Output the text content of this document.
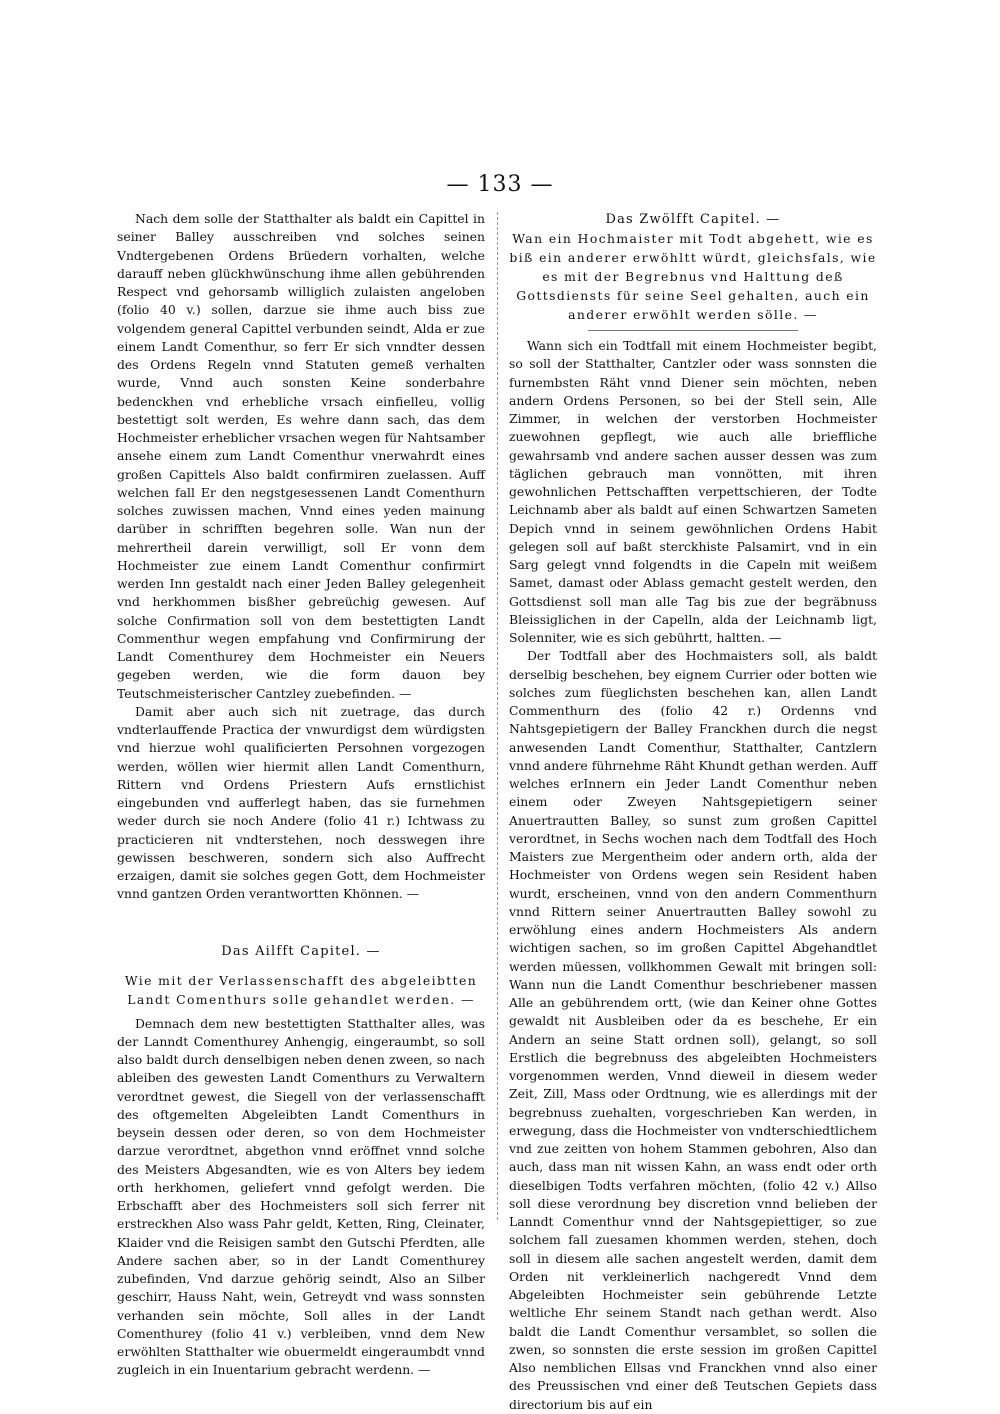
— 133 —

Nach dem solle der Statthalter als baldt ein Capittel in seiner Balley ausschreiben vnd solches seinen Vndtergebenen Ordens Brüedern vorhalten, welche darauff neben glückhwünschung ihme allen gebührenden Respect vnd gehorsamb williglich zulaisten angeloben (folio 40 v.) sollen, darzue sie ihme auch biss zue volgendem general Capittel verbunden seindt, Alda er zue einem Landt Comenthur, so ferr Er sich vnndter dessen des Ordens Regeln vnnd Statuten gemeß verhalten wurde, Vnnd auch sonsten Keine sonderbahre bedenckhen vnd erhebliche vrsach einfielleu, vollig bestettigt solt werden, Es wehre dann sach, das dem Hochmeister erheblicher vrsachen wegen für Nahtsamber ansehe einem zum Landt Comenthur vnerwahrdt eines großen Capittels Also baldt confirmiren zuelassen. Auff welchen fall Er den negstgesessenen Landt Comenthurn solches zuwissen machen, Vnnd eines yeden mainung darüber in schrifften begehren solle. Wan nun der mehrertheil darein verwilligt, soll Er vonn dem Hochmeister zue einem Landt Comenthur confirmirt werden Inn gestaldt nach einer Jeden Balley gelegenheit vnd herkhommen bisßher gebreüchig gewesen. Auf solche Confirmation soll von dem bestettigten Landt Commenthur wegen empfahung vnd Confirmirung der Landt Comenthurey dem Hochmeister ein Neuers gegeben werden, wie die form dauon bey Teutschmeisterischer Cantzley zuebefinden. —

Damit aber auch sich nit zuetrage, das durch vndterlauffende Practica der vnwurdigst dem würdigsten vnd hierzue wohl qualificierten Persohnen vorgezogen werden, wöllen wier hiermit allen Landt Comenthurn, Rittern vnd Ordens Priestern Aufs ernstlichist eingebunden vnd aufferlegt haben, das sie furnehmen weder durch sie noch Andere (folio 41 r.) Ichtwass zu practicieren nit vndterstehen, noch desswegen ihre gewissen beschweren, sondern sich also Auffrecht erzaigen, damit sie solches gegen Gott, dem Hochmeister vnnd gantzen Orden verantwortten Khönnen. —

Das Ailfft Capitel. —
Wie mit der Verlassenschafft des abgeleibtten Landt Comenthurs solle gehandlet werden. —

Demnach dem new bestettigten Statthalter alles, was der Lanndt Comenthurey Anhengig, eingeraumbt, so soll also baldt durch denselbigen neben denen zween, so nach ableiben des gewesten Landt Comenthurs zu Verwaltern verordtnet gewest, die Siegell von der verlassenschafft des oftgemelten Abgeleibten Landt Comenthurs in beysein dessen oder deren, so von dem Hochmeister darzue verordtnet, abgethon vnnd eröffnet vnnd solche des Meisters Abgesandten, wie es von Alters bey iedem orth herkhomen, geliefert vnnd gefolgt werden. Die Erbschafft aber des Hochmeisters soll sich ferrer nit erstreckhen Also wass Pahr geldt, Ketten, Ring, Cleinater, Klaider vnd die Reisigen sambt den Gutschi Pferdten, alle Andere sachen aber, so in der Landt Comenthurey zubefinden, Vnd darzue gehörig seindt, Also an Silber geschirr, Hauss Naht, wein, Getreydt vnd wass sonnsten verhanden sein möchte, Soll alles in der Landt Comenthurey (folio 41 v.) verbleiben, vnnd dem New erwöhlten Statthalter wie obuermeldt eingeraumbdt vnnd zugleich in ein Inuentarium gebracht werdenn. —

Das Zwölfft Capitel. —
Wan ein Hochmaister mit Todt abgehett, wie es biß ein anderer erwöhltt würdt, gleichsfals, wie es mit der Begrebnus vnd Halttung deß Gottsdiensts für seine Seel gehalten, auch ein anderer erwöhlt werden sölle. —

Wann sich ein Todtfall mit einem Hochmeister begibt, so soll der Statthalter, Cantzler oder wass sonnsten die furnembsten Räht vnnd Diener sein möchten, neben andern Ordens Personen, so bei der Stell sein, Alle Zimmer, in welchen der verstorben Hochmeister zuewohnen gepflegt, wie auch alle brieffliche gewahrsamb vnd andere sachen ausser dessen was zum täglichen gebrauch man vonnötten, mit ihren gewohnlichen Pettschafften verpettschieren, der Todte Leichnamb aber als baldt auf einen Schwartzen Sameten Depich vnnd in seinem gewöhnlichen Ordens Habit gelegen soll auf baßt sterckhiste Palsamirt, vnd in ein Sarg gelegt vnnd folgendts in die Capeln mit weißem Samet, damast oder Ablass gemacht gestelt werden, den Gottsdienst soll man alle Tag bis zue der begräbnuss Bleissiglichen in der Capelln, alda der Leichnamb ligt, Solenniter, wie es sich gebührtt, haltten. —

Der Todtfall aber des Hochmaisters soll, als baldt derselbig beschehen, bey eignem Currier oder botten wie solches zum füeglichsten beschehen kan, allen Landt Commenthurn des (folio 42 r.) Ordenns vnd Nahtsgepietigern der Balley Franckhen durch die negst anwesenden Landt Comenthur, Statthalter, Cantzlern vnnd andere führnehme Räht Khundt gethan werden. Auff welches erInnern ein Jeder Landt Comenthur neben einem oder Zweyen Nahtsgepietigern seiner Anuertrautten Balley, so sunst zum großen Capittel verordtnet, in Sechs wochen nach dem Todtfall des Hoch Maisters zue Mergentheim oder andern orth, alda der Hochmeister von Ordens wegen sein Resident haben wurdt, erscheinen, vnnd von den andern Commenthurn vnnd Rittern seiner Anuertrautten Balley sowohl zu erwöhlung eines andern Hochmeisters Als andern wichtigen sachen, so im großen Capittel Abgehandtlet werden müessen, vollkhommen Gewalt mit bringen soll: Wann nun die Landt Comenthur beschriebener massen Alle an gebührendem ortt, (wie dan Keiner ohne Gottes gewaldt nit Ausbleiben oder da es beschehe, Er ein Andern an seine Statt ordnen soll), gelangt, so soll Erstlich die begrebnuss des abgeleibten Hochmeisters vorgenommen werden, Vnnd dieweil in diesem weder Zeit, Zill, Mass oder Ordtnung, wie es allerdings mit der begrebnuss zuehalten, vorgeschrieben Kan werden, in erwegung, dass die Hochmeister von vndterschiedtlichem vnd zue zeitten von hohem Stammen gebohren, Also dan auch, dass man nit wissen Kahn, an wass endt oder orth dieselbigen Todts verfahren möchten, (folio 42 v.) Allso soll diese verordnung bey discretion vnnd belieben der Lanndt Comenthur vnnd der Nahtsgepiettiger, so zue solchem fall zuesamen khommen werden, stehen, doch soll in diesem alle sachen angestelt werden, damit dem Orden nit verkleinerlich nachgeredt Vnnd dem Abgeleibten Hochmeister sein gebührende Letzte weltliche Ehr seinem Standt nach gethan werdt. Also baldt die Landt Comenthur versamblet, so sollen die zwen, so sonnsten die erste session im großen Capittel Also nemblichen Ellsas vnd Franckhen vnnd also einer des Preussischen vnd einer deß Teutschen Gepiets dass directorium bis auf ein
